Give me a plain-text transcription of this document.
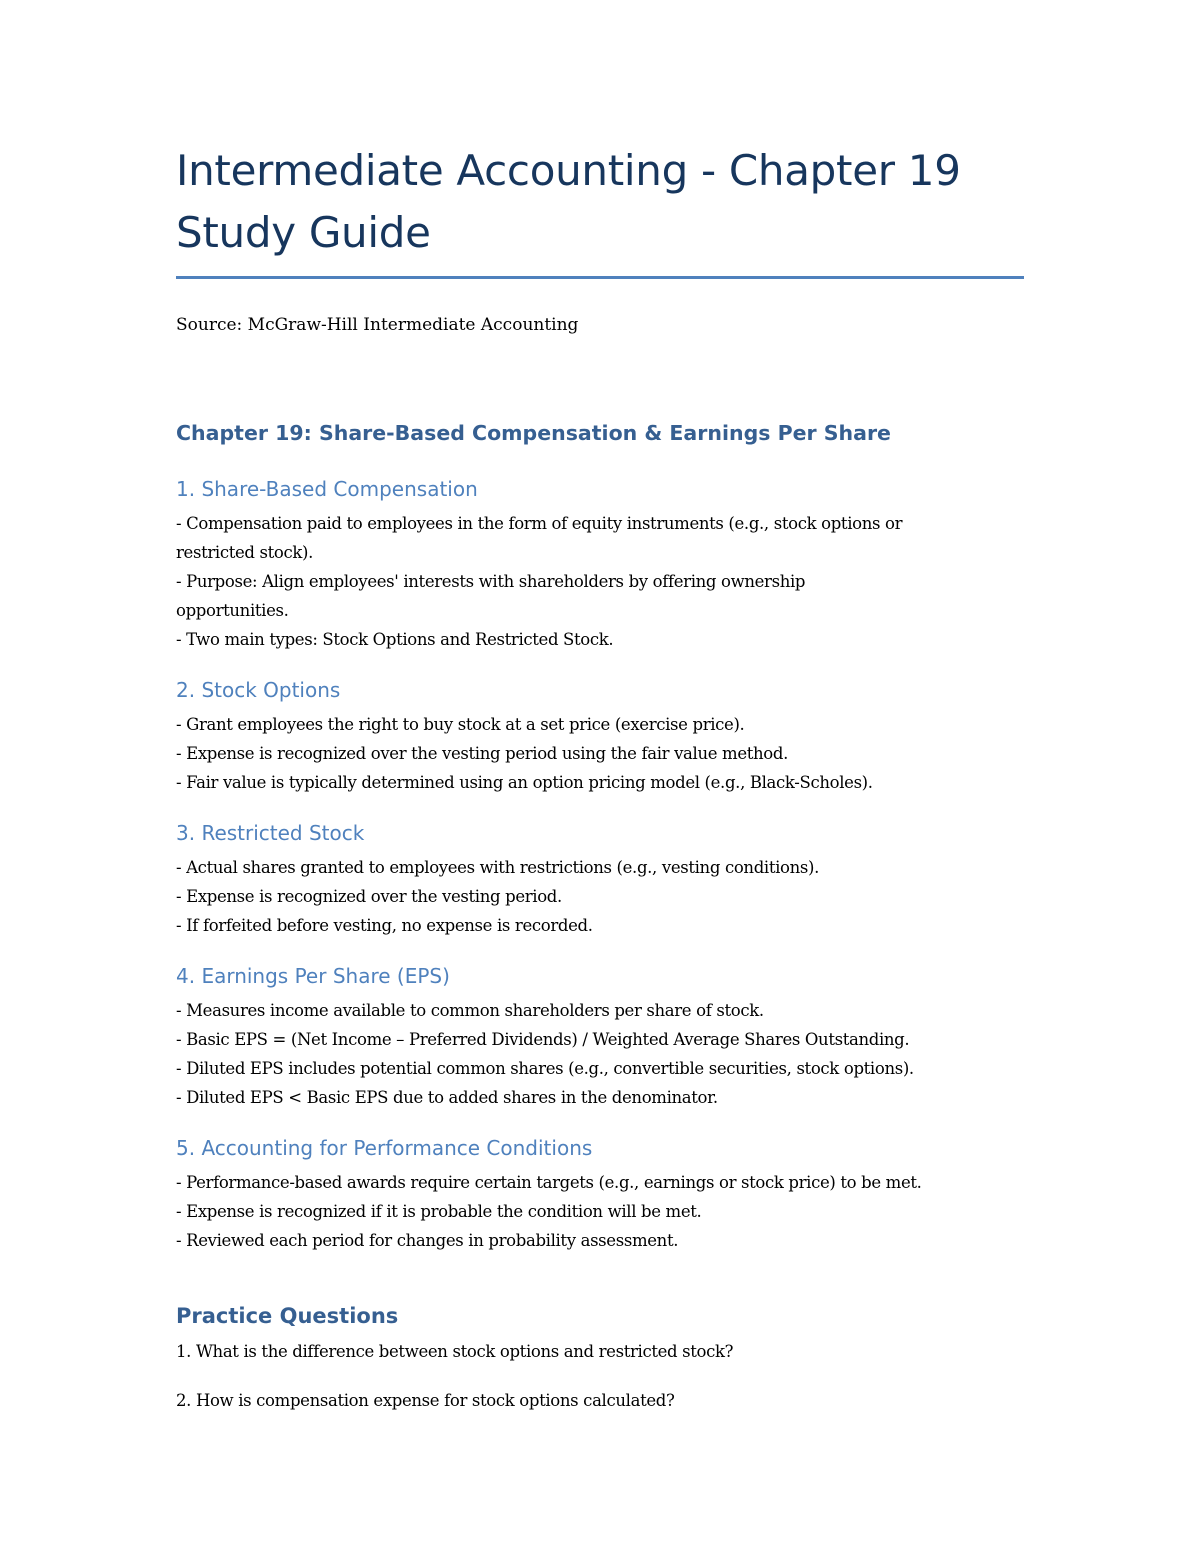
Intermediate Accounting - Chapter 19
Study Guide
Source: McGraw-Hill Intermediate Accounting
Chapter 19: Share-Based Compensation & Earnings Per Share
1. Share-Based Compensation
- Compensation paid to employees in the form of equity instruments (e.g., stock options or
restricted stock).
- Purpose: Align employees' interests with shareholders by offering ownership
opportunities.
- Two main types: Stock Options and Restricted Stock.
2. Stock Options
- Grant employees the right to buy stock at a set price (exercise price).
- Expense is recognized over the vesting period using the fair value method.
- Fair value is typically determined using an option pricing model (e.g., Black-Scholes).
3. Restricted Stock
- Actual shares granted to employees with restrictions (e.g., vesting conditions).
- Expense is recognized over the vesting period.
- If forfeited before vesting, no expense is recorded.
4. Earnings Per Share (EPS)
- Measures income available to common shareholders per share of stock.
- Basic EPS = (Net Income – Preferred Dividends) / Weighted Average Shares Outstanding.
- Diluted EPS includes potential common shares (e.g., convertible securities, stock options).
- Diluted EPS < Basic EPS due to added shares in the denominator.
5. Accounting for Performance Conditions
- Performance-based awards require certain targets (e.g., earnings or stock price) to be met.
- Expense is recognized if it is probable the condition will be met.
- Reviewed each period for changes in probability assessment.
Practice Questions
1. What is the difference between stock options and restricted stock?
2. How is compensation expense for stock options calculated?
